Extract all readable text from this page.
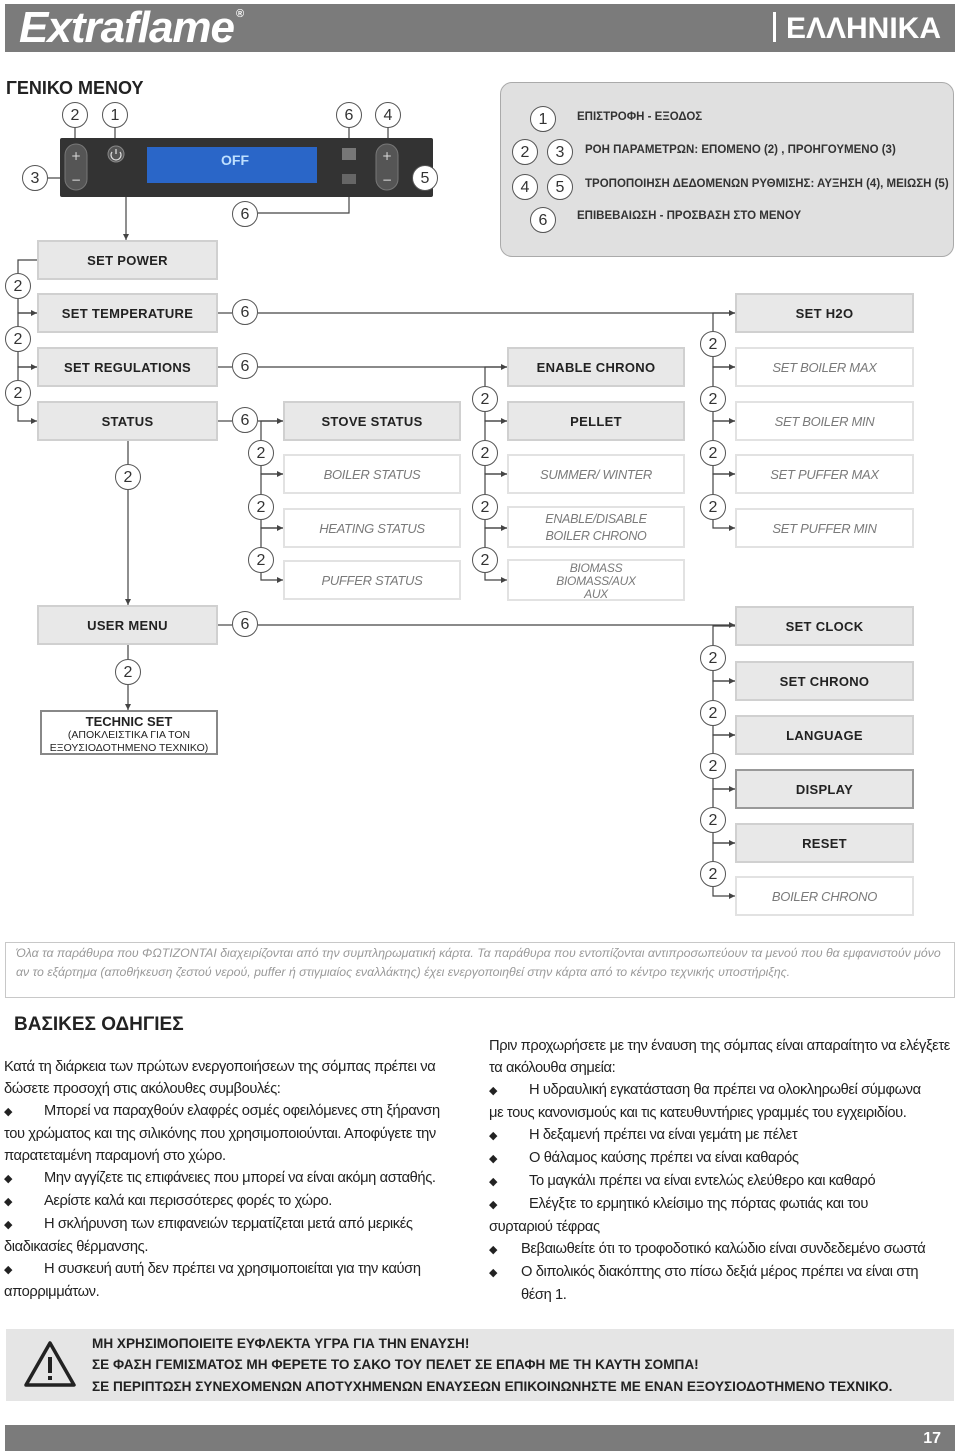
Extraflame ®	ΕΛΛΗΝΙΚΑ
ΓΕΝΙΚΟ ΜΕΝΟΥ
+
−
+
−
OFF
2	1	6	4
3	5
6
1	ΕΠΙΣΤΡΟΦΗ - ΕΞΟΔΟΣ
2	3	ΡΟΗ ΠΑΡΑΜΕΤΡΩΝ: ΕΠΟΜΕΝΟ (2) , ΠΡΟΗΓΟΥΜΕΝΟ (3)
4	5	ΤΡΟΠΟΠΟΙΗΣΗ ΔΕΔΟΜΕΝΩΝ ΡΥΘΜΙΣΗΣ: ΑΥΞΗΣΗ (4), ΜΕΙΩΣΗ (5)
6	ΕΠΙΒΕΒΑΙΩΣΗ - ΠΡΟΣΒΑΣΗ ΣΤΟ ΜΕΝΟΥ
SET POWER
SET TEMPERATURE
SET REGULATIONS
STATUS
USER MENU
TECHNIC SET
(ΑΠΟΚΛΕΙΣΤΙΚΑ ΓΙΑ ΤΟΝ
ΕΞΟΥΣΙΟΔΟΤΗΜΕΝΟ ΤΕΧΝΙΚΟ)
2
2
2
2
2
6
6
6
6
STOVE STATUS
BOILER STATUS
HEATING STATUS
PUFFER STATUS
2
2
2
ENABLE CHRONO
PELLET
SUMMER/ WINTER
ENABLE/DISABLE
BOILER CHRONO
BIOMASS
BIOMASS/AUX
AUX
2
2
2
2
SET H2O
SET BOILER MAX
SET BOILER MIN
SET PUFFER MAX
SET PUFFER MIN
2
2
2
2
SET CLOCK
SET CHRONO
LANGUAGE
DISPLAY
RESET
BOILER CHRONO
2
2
2
2
2
Όλα τα παράθυρα που ΦΩΤΙΖΟΝΤΑΙ διαχειρίζονται από την συμπληρωματική κάρτα. Τα παράθυρα που εντοπίζονται αντιπροσωπεύουν τα μενού που θα εμφανιστούν μόνο αν το εξάρτημα (αποθήκευση ζεστού νερού, puffer ή στιγμιαίος εναλλάκτης) έχει ενεργοποιηθεί στην κάρτα από το κέντρο τεχνικής υποστήριξης.
ΒΑΣΙΚΕΣ ΟΔΗΓΙΕΣ
Κατά τη διάρκεια των πρώτων ενεργοποιήσεων της σόμπας πρέπει να δώσετε προσοχή στις ακόλουθες συμβουλές:
◆ Μπορεί να παραχθούν ελαφρές οσμές οφειλόμενες στη ξήρανση
του χρώματος και της σιλικόνης που χρησιμοποιούνται. Αποφύγετε την παρατεταμένη παραμονή στο χώρο.
◆ Μην αγγίζετε τις επιφάνειες που μπορεί να είναι ακόμη ασταθής.
◆ Αερίστε καλά και περισσότερες φορές το χώρο.
◆ Η σκλήρυνση των επιφανειών τερματίζεται μετά από μερικές διαδικασίες θέρμανσης.
◆ Η συσκευή αυτή δεν πρέπει να χρησιμοποιείται για την καύση απορριμμάτων.
Πριν προχωρήσετε με την έναυση της σόμπας είναι απαραίτητο να ελέγξετε τα ακόλουθα σημεία:
◆ Η υδραυλική εγκατάσταση θα πρέπει να ολοκληρωθεί σύμφωνα
με τους κανονισμούς και τις κατευθυντήριες γραμμές του εγχειριδίου.
◆ Η δεξαμενή πρέπει να είναι γεμάτη με πέλετ
◆ Ο θάλαμος καύσης πρέπει να είναι καθαρός
◆ Το μαγκάλι πρέπει να είναι εντελώς ελεύθερο και καθαρό
◆ Ελέγξτε το ερμητικό κλείσιμο της πόρτας φωτιάς και του
συρταριού τέφρας
◆ Βεβαιωθείτε ότι το τροφοδοτικό καλώδιο είναι συνδεδεμένο σωστά
◆ Ο διπολικός διακόπτης στο πίσω δεξιά μέρος πρέπει να είναι στη
θέση 1.
ΜΗ ΧΡΗΣΙΜΟΠΟΙΕΙΤΕ ΕΥΦΛΕΚΤΑ ΥΓΡΑ ΓΙΑ ΤΗΝ ΕΝΑΥΣΗ!
ΣΕ ΦΑΣΗ ΓΕΜΙΣΜΑΤΟΣ ΜΗ ΦΕΡΕΤΕ ΤΟ ΣΑΚΟ ΤΟΥ ΠΕΛΕΤ ΣΕ ΕΠΑΦΗ ΜΕ ΤΗ ΚΑΥΤΗ ΣΟΜΠΑ!
ΣΕ ΠΕΡΙΠΤΩΣΗ ΣΥΝΕΧΟΜΕΝΩΝ ΑΠΟΤΥΧΗΜΕΝΩΝ ΕΝΑΥΣΕΩΝ ΕΠΙΚΟΙΝΩΝΗΣΤΕ ΜΕ ΕΝΑΝ ΕΞΟΥΣΙΟΔΟΤΗΜΕΝΟ ΤΕΧΝΙΚΟ.
17
